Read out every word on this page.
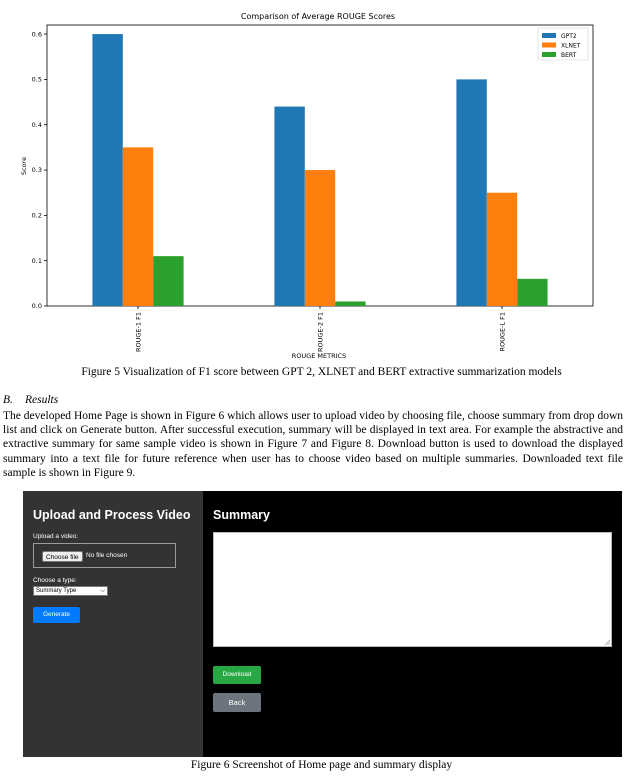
Comparison of Average ROUGE Scores
ROUGE METRICS
Score
0.0
0.1
0.2
0.3
0.4
0.5
0.6
ROUGE-1 F1	ROUGE-2 F1	ROUGE-L F1
GPT2
XLNET
BERT
Figure 5 Visualization of F1 score between GPT 2, XLNET and BERT extractive summarization models
B. Results
The developed Home Page is shown in Figure 6 which allows user to upload video by choosing file, choose summary from drop down list and click on Generate button. After successful execution, summary will be displayed in text area. For example the abstractive and extractive summary for same sample video is shown in Figure 7 and Figure 8. Download button is used to download the displayed summary into a text file for future reference when user has to choose video based on multiple summaries. Downloaded text file sample is shown in Figure 9.
Upload and Process Video
Upload a video:
Choose file	No file chosen
Choose a type:
Summary Type	⌵
Generate
Summary
Download
Back
Figure 6 Screenshot of Home page and summary display
